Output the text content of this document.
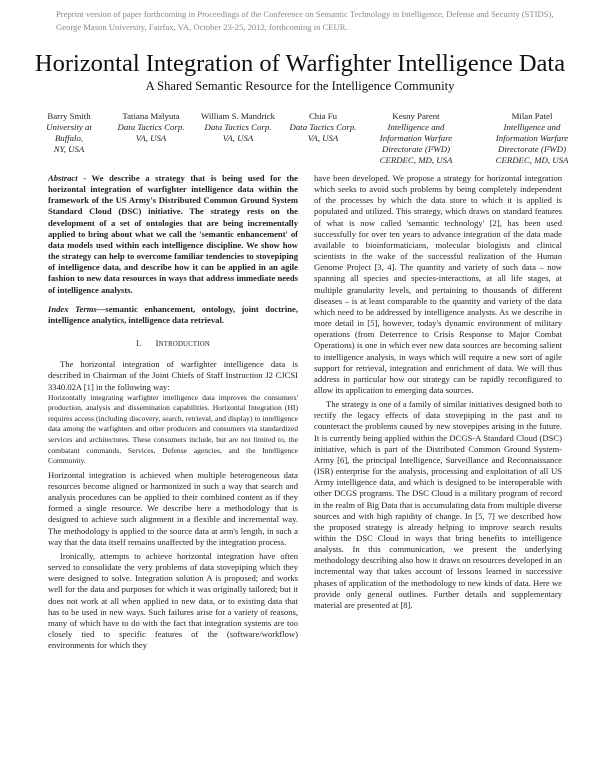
Preprint version of paper forthcoming in Proceedings of the Conference on Semantic Technology in Intelligence, Defense and Security (STIDS), George Mason University, Fairfax, VA, October 23-25, 2012, forthcoming in CEUR.
Horizontal Integration of Warfighter Intelligence Data
A Shared Semantic Resource for the Intelligence Community
Barry Smith
University at
Buffalo,
NY, USA
Tatiana Malyuta
Data Tactics Corp.
VA, USA
William S. Mandrick
Data Tactics Corp.
VA, USA
Chia Fu
Data Tactics Corp.
VA, USA
Kesny Parent
Intelligence and
Information Warfare
Directorate (I²WD)
CERDEC, MD, USA
Milan Patel
Intelligence and
Information Warfare
Directorate (I²WD)
CERDEC, MD, USA

Abstract - We describe a strategy that is being used for the horizontal integration of warfighter intelligence data within the framework of the US Army's Distributed Common Ground System Standard Cloud (DSC) initiative. The strategy rests on the development of a set of ontologies that are being incrementally applied to bring about what we call the 'semantic enhancement' of data models used within each intelligence discipline. We show how the strategy can help to overcome familiar tendencies to stovepiping of intelligence data, and describe how it can be applied in an agile fashion to new data resources in ways that address immediate needs of intelligence analysts.

Index Terms—semantic enhancement, ontology, joint doctrine, intelligence analytics, intelligence data retrieval.

I. INTRODUCTION

The horizontal integration of warfighter intelligence data is described in Chairman of the Joint Chiefs of Staff Instruction J2 CJCSI 3340.02A [1] in the following way:

Horizontally integrating warfighter intelligence data improves the consumers' production, analysis and dissemination capabilities. Horizontal Integration (HI) requires access (including discovery, search, retrieval, and display) to intelligence data among the warfighters and other producers and consumers via standardized services and architectures. These consumers include, but are not limited to, the combatant commands, Services, Defense agencies, and the Intelligence Community.

Horizontal integration is achieved when multiple heterogeneous data resources become aligned or harmonized in such a way that search and analysis procedures can be applied to their combined content as if they formed a single resource. We describe here a methodology that is designed to achieve such alignment in a flexible and incremental way. The methodology is applied to the source data at arm's length, in such a way that the data itself remains unaffected by the integration process.

Ironically, attempts to achieve horizontal integration have often served to consolidate the very problems of data stovepiping which they were designed to solve. Integration solution A is proposed; and works well for the data and purposes for which it was originally tailored; but it does not work at all when applied to new data, or to existing data that has to be used in new ways. Such failures arise for a variety of reasons, many of which have to do with the fact that integration systems are too closely tied to specific features of the (software/workflow) environments for which they

have been developed. We propose a strategy for horizontal integration which seeks to avoid such problems by being completely independent of the processes by which the data store to which it is applied is populated and utilized. This strategy, which draws on standard features of what is now called 'semantic technology' [2], has been used successfully for over ten years to advance integration of the data made available to bioinformaticians, molecular biologists and clinical scientists in the wake of the successful realization of the Human Genome Project [3, 4]. The quantity and variety of such data – now spanning all species and species-interactions, at all life stages, at multiple granularity levels, and pertaining to thousands of different diseases – is at least comparable to the quantity and variety of the data which need to be addressed by intelligence analysts. As we describe in more detail in [5], however, today's dynamic environment of military operations (from Deterrence to Crisis Response to Major Combat Operations) is one in which ever new data sources are becoming salient to intelligence analysis, in ways which will require a new sort of agile support for retrieval, integration and enrichment of data. We will thus address in particular how our strategy can be rapidly reconfigured to allow its application to emerging data sources.

The strategy is one of a family of similar initiatives designed both to rectify the legacy effects of data stovepiping in the past and to counteract the problems caused by new stovepipes arising in the future. It is currently being applied within the DCGS-A Standard Cloud (DSC) initiative, which is part of the Distributed Common Ground System-Army [6], the principal Intelligence, Surveillance and Reconnaissance (ISR) enterprise for the analysis, processing and exploitation of all US Army intelligence data, and which is designed to be interoperable with other DCGS programs. The DSC Cloud is a military program of record in the realm of Big Data that is accumulating data from multiple diverse sources and with high rapidity of change. In [5, 7] we described how the proposed strategy is already helping to improve search results within the DSC Cloud in ways that bring benefits to intelligence analysts. In this communication, we present the underlying methodology describing also how it draws on resources developed in an incremental way that takes account of lessons learned in successive phases of application of the methodology to new kinds of data. Here we provide only general outlines. Further details and supplementary material are presented at [8].
